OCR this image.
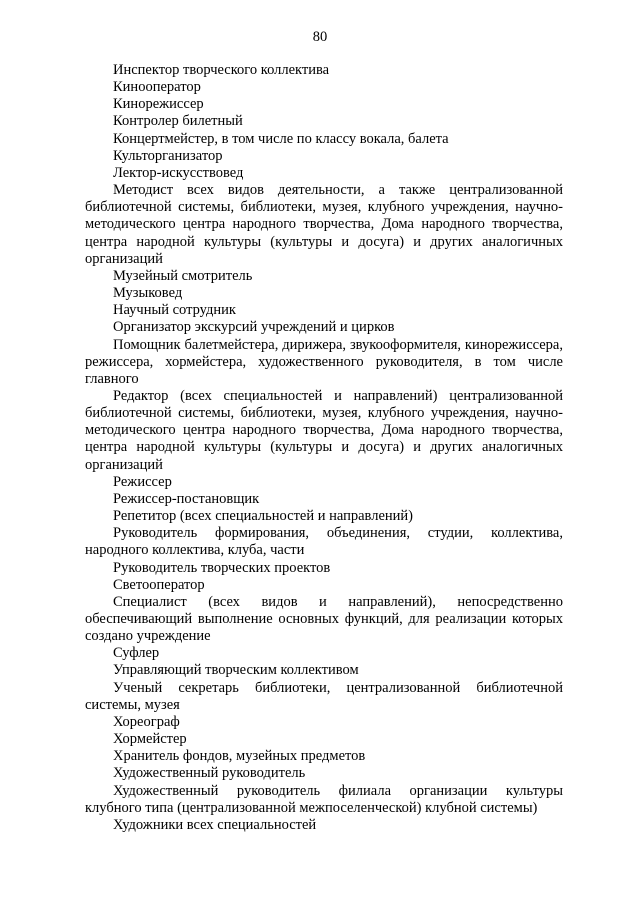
80

Инспектор творческого коллектива

Кинооператор

Кинорежиссер

Контролер билетный

Концертмейстер, в том числе по классу вокала, балета

Культорганизатор

Лектор-искусствовед

Методист всех видов деятельности, а также централизованной библиотечной системы, библиотеки, музея, клубного учреждения, научно-методического центра народного творчества, Дома народного творчества, центра народной культуры (культуры и досуга) и других аналогичных организаций

Музейный смотритель

Музыковед

Научный сотрудник

Организатор экскурсий учреждений и цирков

Помощник балетмейстера, дирижера, звукооформителя, кинорежиссера, режиссера, хормейстера, художественного руководителя, в том числе главного

Редактор (всех специальностей и направлений) централизованной библиотечной системы, библиотеки, музея, клубного учреждения, научно-методического центра народного творчества, Дома народного творчества, центра народной культуры (культуры и досуга) и других аналогичных организаций

Режиссер

Режиссер-постановщик

Репетитор (всех специальностей и направлений)

Руководитель формирования, объединения, студии, коллектива, народного коллектива, клуба, части

Руководитель творческих проектов

Светооператор

Специалист (всех видов и направлений), непосредственно обеспечивающий выполнение основных функций, для реализации которых создано учреждение

Суфлер

Управляющий творческим коллективом

Ученый секретарь библиотеки, централизованной библиотечной системы, музея

Хореограф

Хормейстер

Хранитель фондов, музейных предметов

Художественный руководитель

Художественный руководитель филиала организации культуры клубного типа (централизованной межпоселенческой) клубной системы)

Художники всех специальностей
